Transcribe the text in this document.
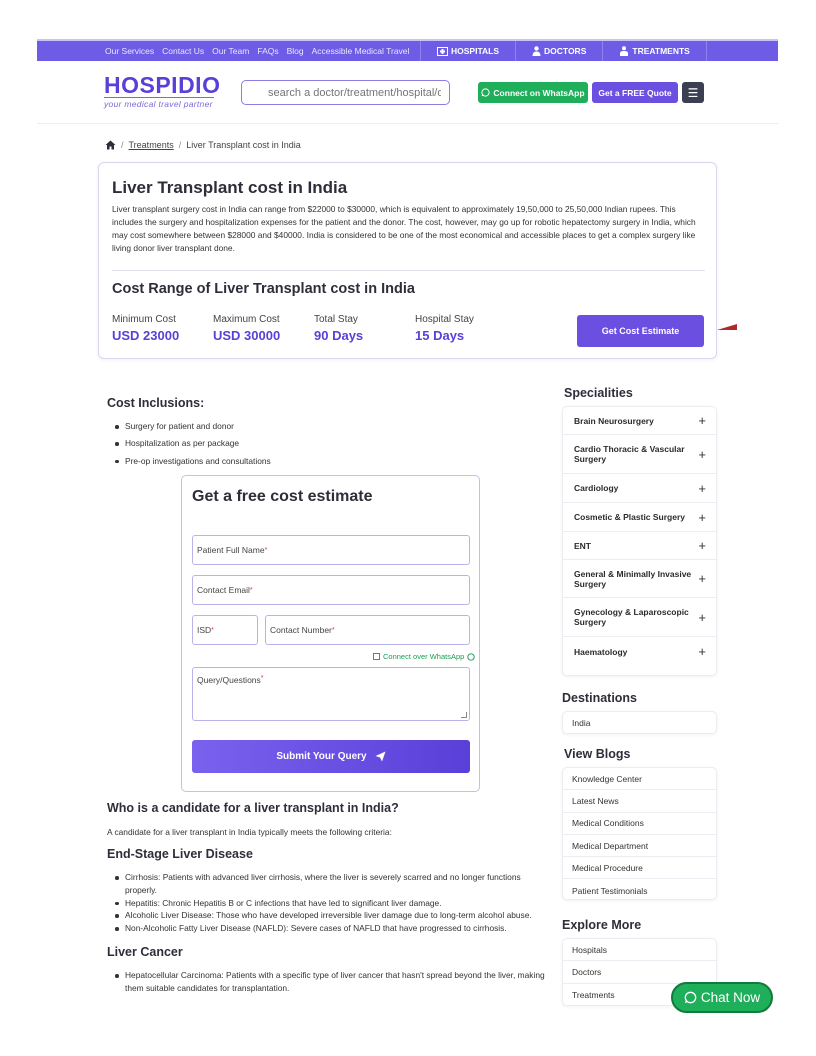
Our Services Contact Us Our Team FAQs Blog Accessible Medical Travel	HOSPITALS	DOCTORS	TREATMENTS
HOSPIDIO
your medical travel partner
search a doctor/treatment/hospital/destination
Connect on WhatsApp	Get a FREE Quote	☰
/ Treatments / Liver Transplant cost in India
Liver Transplant cost in India

Liver transplant surgery cost in India can range from $22000 to $30000, which is equivalent to approximately 19,50,000 to 25,50,000 Indian rupees. This includes the surgery and hospitalization expenses for the patient and the donor. The cost, however, may go up for robotic hepatectomy surgery in India, which may cost somewhere between $28000 and $40000. India is considered to be one of the most economical and accessible places to get a complex surgery like living donor liver transplant done.

Cost Range of Liver Transplant cost in India
Minimum Cost
USD 23000
Maximum Cost
USD 30000
Total Stay
90 Days
Hospital Stay
15 Days	Get Cost Estimate
Cost Inclusions:
Surgery for patient and donor
Hospitalization as per package
Pre-op investigations and consultations
Get a free cost estimate
Patient Full Name *
Contact Email *
ISD *	Contact Number *
Connect over WhatsApp
Query/Questions *
Submit Your Query
Who is a candidate for a liver transplant in India?
A candidate for a liver transplant in India typically meets the following criteria:
End-Stage Liver Disease
Cirrhosis: Patients with advanced liver cirrhosis, where the liver is severely scarred and no longer functions properly.
Hepatitis: Chronic Hepatitis B or C infections that have led to significant liver damage.
Alcoholic Liver Disease: Those who have developed irreversible liver damage due to long-term alcohol abuse.
Non-Alcoholic Fatty Liver Disease (NAFLD): Severe cases of NAFLD that have progressed to cirrhosis.
Liver Cancer
Hepatocellular Carcinoma: Patients with a specific type of liver cancer that hasn't spread beyond the liver, making them suitable candidates for transplantation.
Specialities
Brain Neurosurgery	+
Cardio Thoracic & Vascular Surgery	+
Cardiology	+
Cosmetic & Plastic Surgery +
ENT	+
General & Minimally Invasive Surgery	+
Gynecology & Laparoscopic Surgery	+
Haematology	+
Destinations
India
View Blogs
Knowledge Center
Latest News
Medical Conditions
Medical Department
Medical Procedure
Patient Testimonials
Explore More
Hospitals
Doctors
Treatments	Chat Now
